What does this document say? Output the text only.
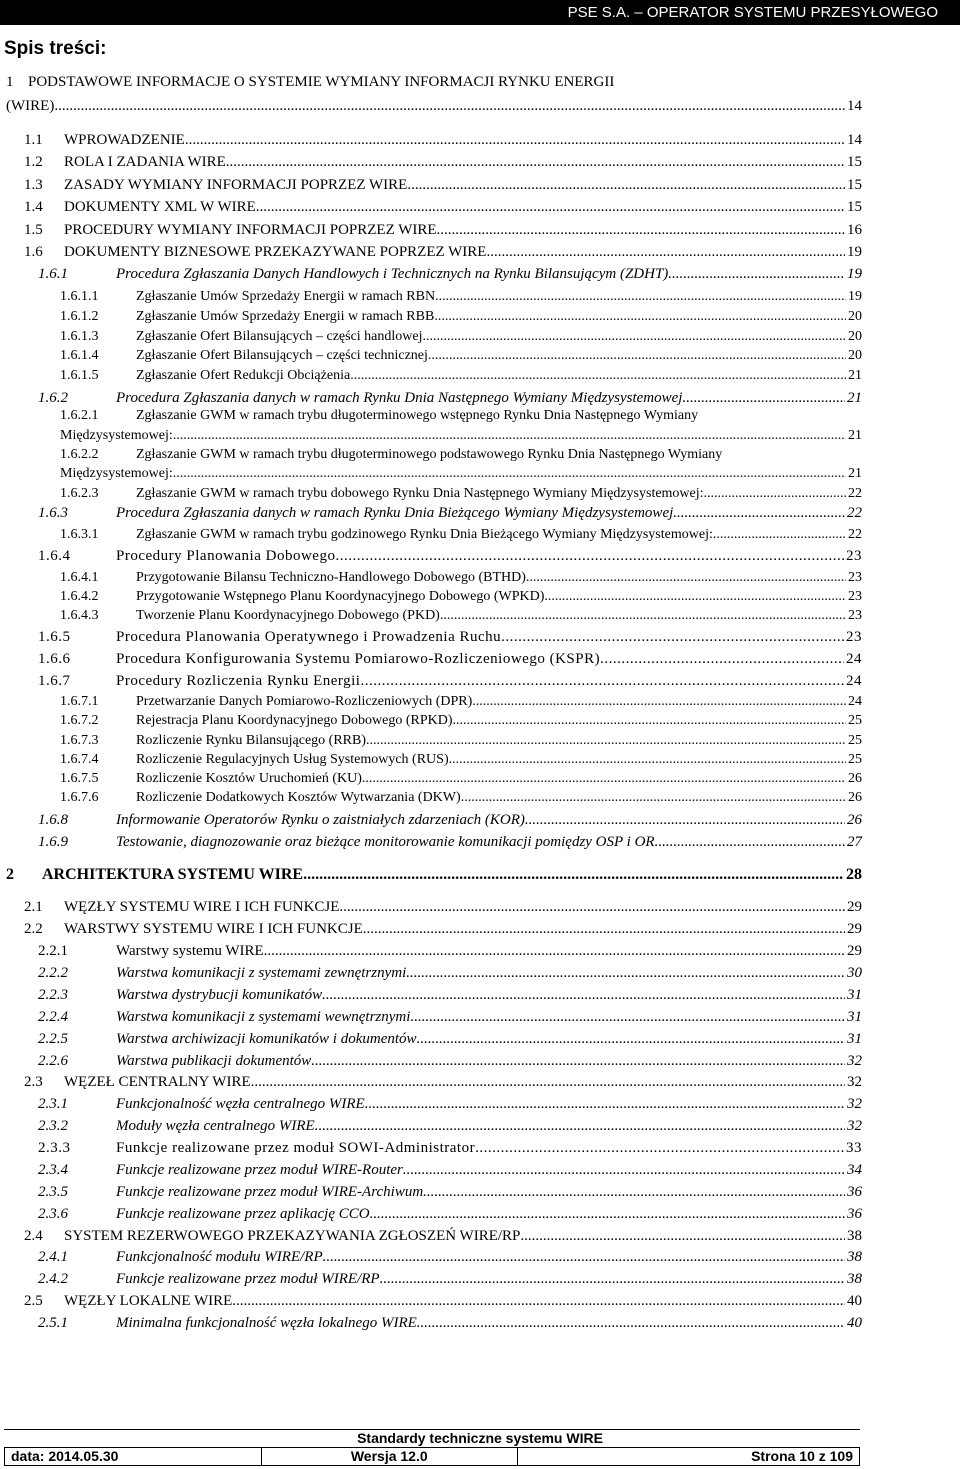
PSE S.A. – OPERATOR SYSTEMU PRZESYŁOWEGO
Spis treści:
1 PODSTAWOWE INFORMACJE O SYSTEMIE WYMIANY INFORMACJI RYNKU ENERGII
(WIRE) .....	14
1.1 WPROWADZENIE .....	14
1.2 ROLA I ZADANIA WIRE .....	15
1.3 ZASADY WYMIANY INFORMACJI POPRZEZ WIRE .....	15
1.4 DOKUMENTY XML W WIRE .....	15
1.5 PROCEDURY WYMIANY INFORMACJI POPRZEZ WIRE .....	16
1.6 DOKUMENTY BIZNESOWE PRZEKAZYWANE POPRZEZ WIRE .....	19
1.6.1	Procedura Zgłaszania Danych Handlowych i Technicznych na Rynku Bilansującym (ZDHT) .....	19
1.6.1.1	Zgłaszanie Umów Sprzedaży Energii w ramach RBN .....	19
1.6.1.2	Zgłaszanie Umów Sprzedaży Energii w ramach RBB .....	20
1.6.1.3	Zgłaszanie Ofert Bilansujących – części handlowej .....	20
1.6.1.4	Zgłaszanie Ofert Bilansujących – części technicznej .....	20
1.6.1.5	Zgłaszanie Ofert Redukcji Obciążenia .....	21
1.6.2	Procedura Zgłaszania danych w ramach Rynku Dnia Następnego Wymiany Międzysystemowej .....	21
1.6.2.1	Zgłaszanie GWM w ramach trybu długoterminowego wstępnego Rynku Dnia Następnego Wymiany
Międzysystemowej: .....	21
1.6.2.2	Zgłaszanie GWM w ramach trybu długoterminowego podstawowego Rynku Dnia Następnego Wymiany
Międzysystemowej: .....	21
1.6.2.3	Zgłaszanie GWM w ramach trybu dobowego Rynku Dnia Następnego Wymiany Międzysystemowej: .....	22
1.6.3	Procedura Zgłaszania danych w ramach Rynku Dnia Bieżącego Wymiany Międzysystemowej .....	22
1.6.3.1	Zgłaszanie GWM w ramach trybu godzinowego Rynku Dnia Bieżącego Wymiany Międzysystemowej: .....	22
1.6.4	Procedury Planowania Dobowego .....	23
1.6.4.1	Przygotowanie Bilansu Techniczno-Handlowego Dobowego (BTHD) .....	23
1.6.4.2	Przygotowanie Wstępnego Planu Koordynacyjnego Dobowego (WPKD) .....	23
1.6.4.3	Tworzenie Planu Koordynacyjnego Dobowego (PKD) .....	23
1.6.5	Procedura Planowania Operatywnego i Prowadzenia Ruchu .....	23
1.6.6	Procedura Konfigurowania Systemu Pomiarowo-Rozliczeniowego (KSPR) .....	24
1.6.7	Procedury Rozliczenia Rynku Energii .....	24
1.6.7.1	Przetwarzanie Danych Pomiarowo-Rozliczeniowych (DPR) .....	24
1.6.7.2	Rejestracja Planu Koordynacyjnego Dobowego (RPKD) .....	25
1.6.7.3	Rozliczenie Rynku Bilansującego (RRB) .....	25
1.6.7.4	Rozliczenie Regulacyjnych Usług Systemowych (RUS) .....	25
1.6.7.5	Rozliczenie Kosztów Uruchomień (KU) .....	26
1.6.7.6	Rozliczenie Dodatkowych Kosztów Wytwarzania (DKW) .....	26
1.6.8	Informowanie Operatorów Rynku o zaistniałych zdarzeniach (KOR) .....	26
1.6.9	Testowanie, diagnozowanie oraz bieżące monitorowanie komunikacji pomiędzy OSP i OR .....	27
2 ARCHITEKTURA SYSTEMU WIRE .....	28
2.1 WĘZŁY SYSTEMU WIRE I ICH FUNKCJE .....	29
2.2 WARSTWY SYSTEMU WIRE I ICH FUNKCJE .....	29
2.2.1	Warstwy systemu WIRE .....	29
2.2.2	Warstwa komunikacji z systemami zewnętrznymi .....	30
2.2.3	Warstwa dystrybucji komunikatów .....	31
2.2.4	Warstwa komunikacji z systemami wewnętrznymi .....	31
2.2.5	Warstwa archiwizacji komunikatów i dokumentów .....	31
2.2.6	Warstwa publikacji dokumentów .....	32
2.3 WĘZEŁ CENTRALNY WIRE .....	32
2.3.1	Funkcjonalność węzła centralnego WIRE .....	32
2.3.2	Moduły węzła centralnego WIRE .....	32
2.3.3	Funkcje realizowane przez moduł SOWI-Administrator .....	33
2.3.4	Funkcje realizowane przez moduł WIRE-Router .....	34
2.3.5	Funkcje realizowane przez moduł WIRE-Archiwum .....	36
2.3.6	Funkcje realizowane przez aplikację CCO .....	36
2.4 SYSTEM REZERWOWEGO PRZEKAZYWANIA ZGŁOSZEŃ WIRE/RP .....	38
2.4.1	Funkcjonalność modułu WIRE/RP .....	38
2.4.2	Funkcje realizowane przez moduł WIRE/RP .....	38
2.5 WĘZŁY LOKALNE WIRE .....	40
2.5.1	Minimalna funkcjonalność węzła lokalnego WIRE .....	40
Standardy techniczne systemu WIRE
data: 2014.05.30	Wersja 12.0	Strona 10 z 109
